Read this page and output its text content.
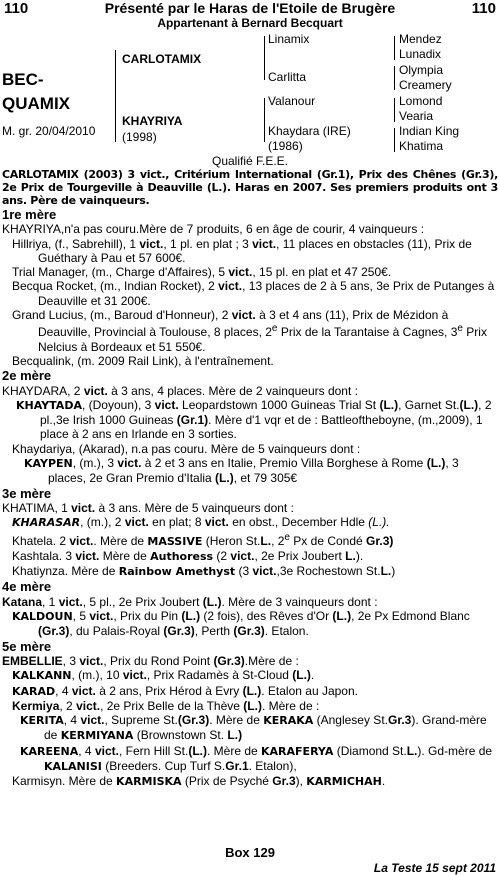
110	Présenté par le Haras de l'Etoile de Brugère	110
Appartenant à Bernard Becquart
BEC-
QUAMIX
M. gr. 20/04/2010
CARLOTAMIX
KHAYRIYA
(1998)
Linamix
Carlitta
Valanour
Khaydara (IRE)
(1986)
Mendez
Lunadix
Olympia
Creamery
Lomond
Vearia
Indian King
Khatima
Qualifié F.E.E.
CARLOTAMIX (2003) 3 vict., Critérium International (Gr.1), Prix des Chênes (Gr.3), 2e Prix de Tourgeville à Deauville (L.). Haras en 2007. Ses premiers produits ont 3 ans. Père de vainqueurs.
1re mère

KHAYRIYA,n'a pas couru.Mère de 7 produits, 6 en âge de courir, 4 vainqueurs :

Hillriya, (f., Sabrehill), 1 vict., 1 pl. en plat ; 3 vict., 11 places en obstacles (11), Prix de Guéthary à Pau et 57 600€.

Trial Manager, (m., Charge d'Affaires), 5 vict., 15 pl. en plat et 47 250€.

Becqua Rocket, (m., Indian Rocket), 2 vict., 13 places de 2 à 5 ans, 3e Prix de Putanges à Deauville et 31 200€.

Grand Lucius, (m., Baroud d'Honneur), 2 vict. à 3 et 4 ans (11), Prix de Mézidon à Deauville, Provincial à Toulouse, 8 places, 2e Prix de la Tarantaise à Cagnes, 3e Prix Nelcius à Bordeaux et 51 550€.

Becqualink, (m. 2009 Rail Link), à l'entraînement.

2e mère

KHAYDARA, 2 vict. à 3 ans, 4 places. Mère de 2 vainqueurs dont :

KHAYTADA, (Doyoun), 3 vict. Leopardstown 1000 Guineas Trial St (L.), Garnet St.(L.), 2 pl.,3e Irish 1000 Guineas (Gr.1). Mère d'1 vqr et de : Battleoftheboyne, (m.,2009), 1 place à 2 ans en Irlande en 3 sorties.

Khaydariya, (Akarad), n.a pas couru. Mère de 5 vainqueurs dont :

KAYPEN, (m.), 3 vict. à 2 et 3 ans en Italie, Premio Villa Borghese à Rome (L.), 3 places, 2e Gran Premio d'Italia (L.), et 79 305€

3e mère

KHATIMA, 1 vict. à 3 ans. Mère de 5 vainqueurs dont :

KHARASAR, (m.), 2 vict. en plat; 8 vict. en obst., December Hdle (L.).

Khatela. 2 vict.. Mère de MASSIVE (Heron St.L., 2e Px de Condé Gr.3)

Kashtala. 3 vict. Mère de Authoress (2 vict., 2e Prix Joubert L.).

Khatiynza. Mère de Rainbow Amethyst (3 vict.,3e Rochestown St.L.)

4e mère

Katana, 1 vict., 5 pl., 2e Prix Joubert (L.). Mère de 3 vainqueurs dont :

KALDOUN, 5 vict., Prix du Pin (L.) (2 fois), des Rêves d'Or (L.), 2e Px Edmond Blanc (Gr.3), du Palais-Royal (Gr.3), Perth (Gr.3). Etalon.

5e mère

EMBELLIE, 3 vict., Prix du Rond Point (Gr.3).Mère de :

KALKANN, (m.), 10 vict., Prix Radamès à St-Cloud (L.).

KARAD, 4 vict. à 2 ans, Prix Hérod à Evry (L.). Etalon au Japon.

Kermiya, 2 vict., 2e Prix Belle de la Thève (L.). Mère de :

KERITA, 4 vict., Supreme St.(Gr.3). Mère de KERAKA (Anglesey St.Gr.3). Grand-mère de KERMIYANA (Brownstown St. L.)

KAREENA, 4 vict., Fern Hill St.(L.). Mère de KARAFERYA (Diamond St.L.). Gd-mère de KALANISI (Breeders. Cup Turf S.Gr.1. Etalon),

Karmisyn. Mère de KARMISKA (Prix de Psyché Gr.3), KARMICHAH.

Box 129
La Teste 15 sept 2011
